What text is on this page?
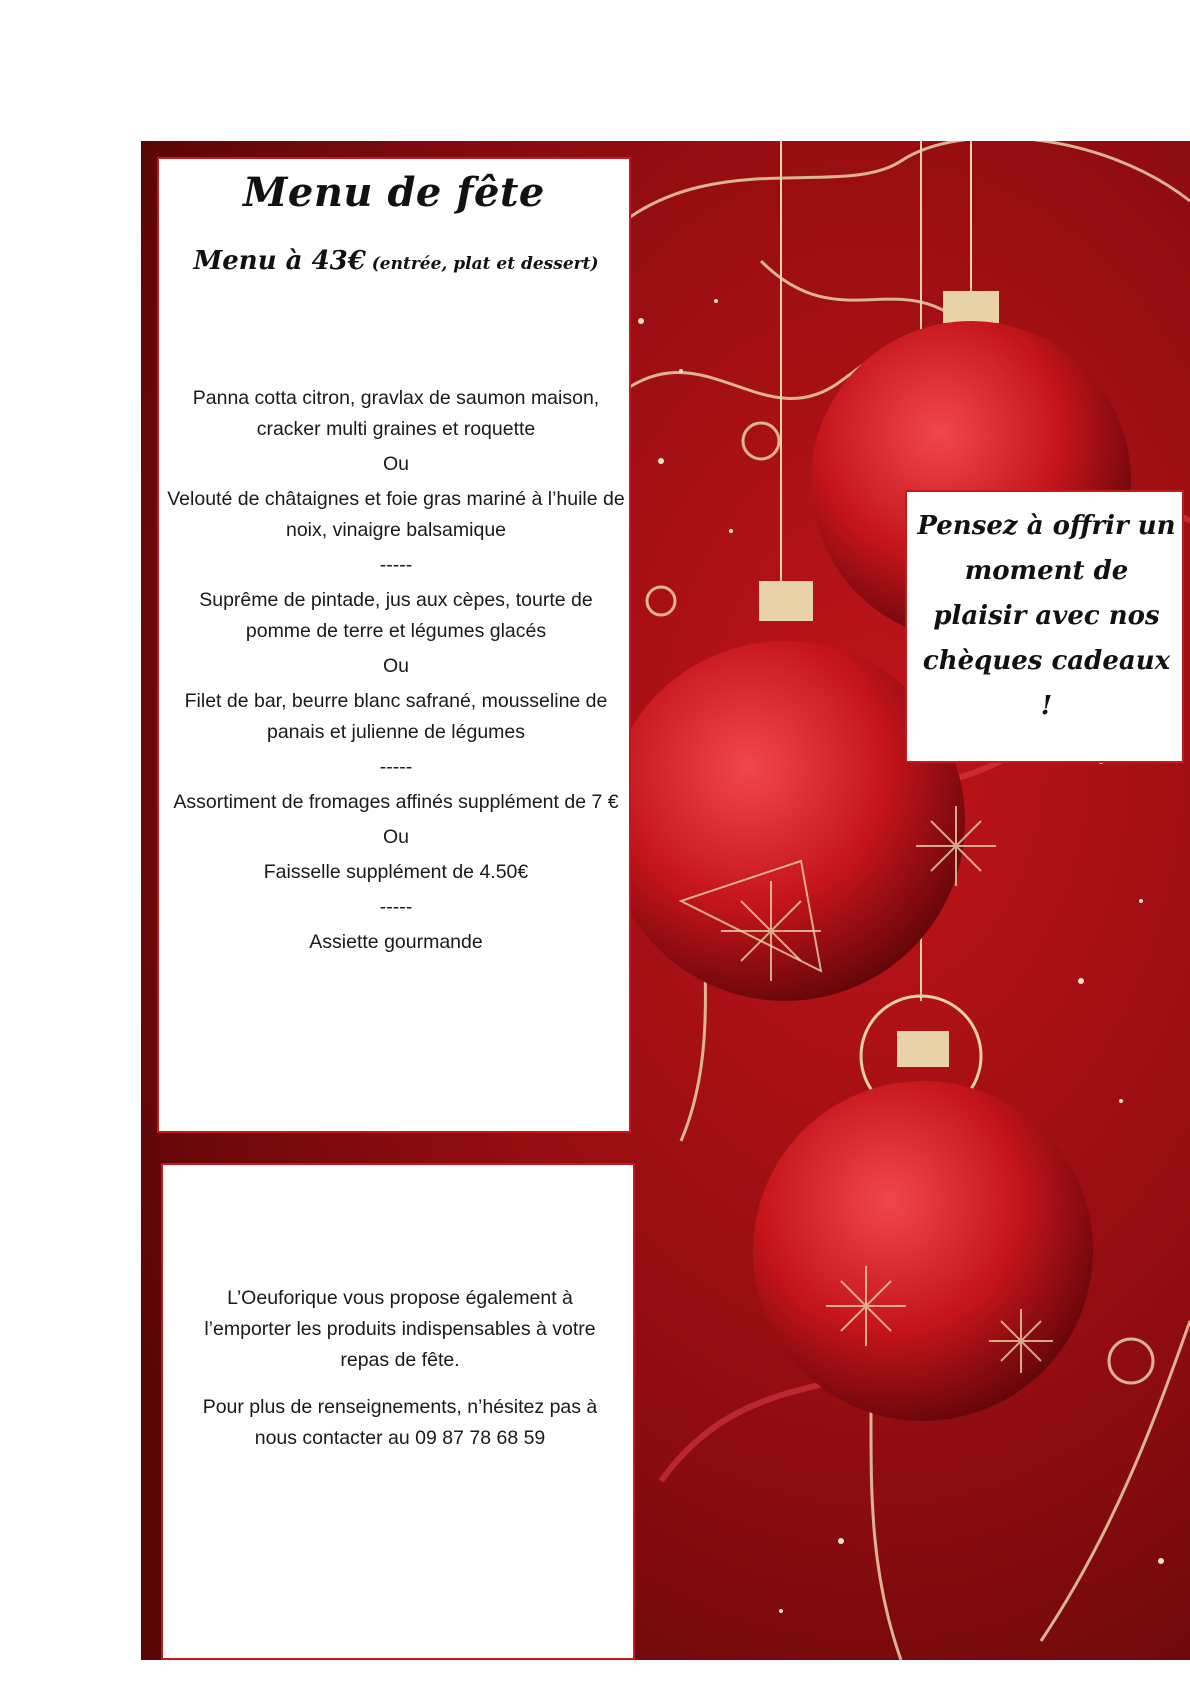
Menu de fête
Menu à 43€ (entrée, plat et dessert)

Panna cotta citron, gravlax de saumon maison, cracker multi graines et roquette

Ou

Velouté de châtaignes et foie gras mariné à l’huile de noix, vinaigre balsamique

-----

Suprême de pintade, jus aux cèpes, tourte de pomme de terre et légumes glacés

Ou

Filet de bar, beurre blanc safrané, mousseline de panais et julienne de légumes

-----

Assortiment de fromages affinés supplément de 7 €

Ou

Faisselle supplément de 4.50€

-----

Assiette gourmande

L’Oeuforique vous propose également à l’emporter les produits indispensables à votre repas de fête.

Pour plus de renseignements, n’hésitez pas à nous contacter au 09 87 78 68 59

Pensez à offrir un moment de plaisir avec nos chèques cadeaux !
